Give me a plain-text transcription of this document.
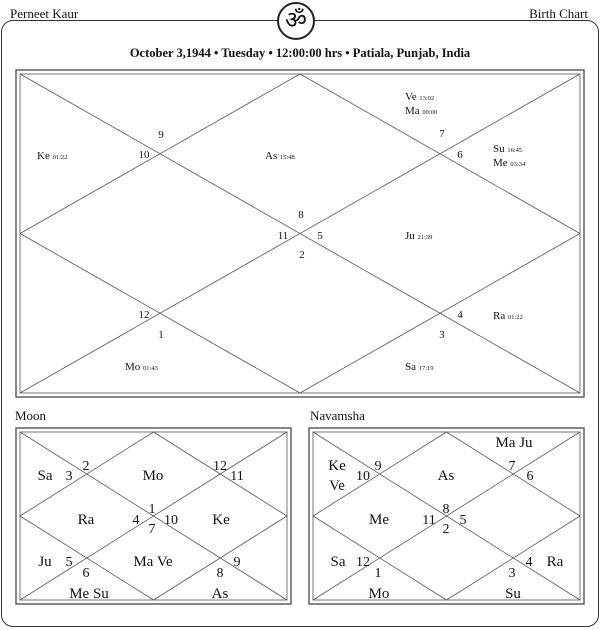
Perneet Kaur	Birth Chart
ॐ
October 3,1944 • Tuesday • 12:00:00 hrs • Patiala, Punjab, India
9
10
7
6
8
11	5
2
12
1
4
3
Ve 13:02
Ma 00:00
Ke 01:22	As 15:48
Su 16:45
Me 03:34
Ju 21:39
Ra 01:22
Mo 01:43	Sa 17:19
Moon
3
2	12
11
4
1
7
10
5
6	8
9
Sa	Mo
Ra	Ke
Ju	Ma Ve
Me Su	As
Navamsha
10
9	7
6
8
11 5
2
12
1
4
3
Ke
Ve
Ma Ju
As
Me
Sa	Ra
Mo	Su
